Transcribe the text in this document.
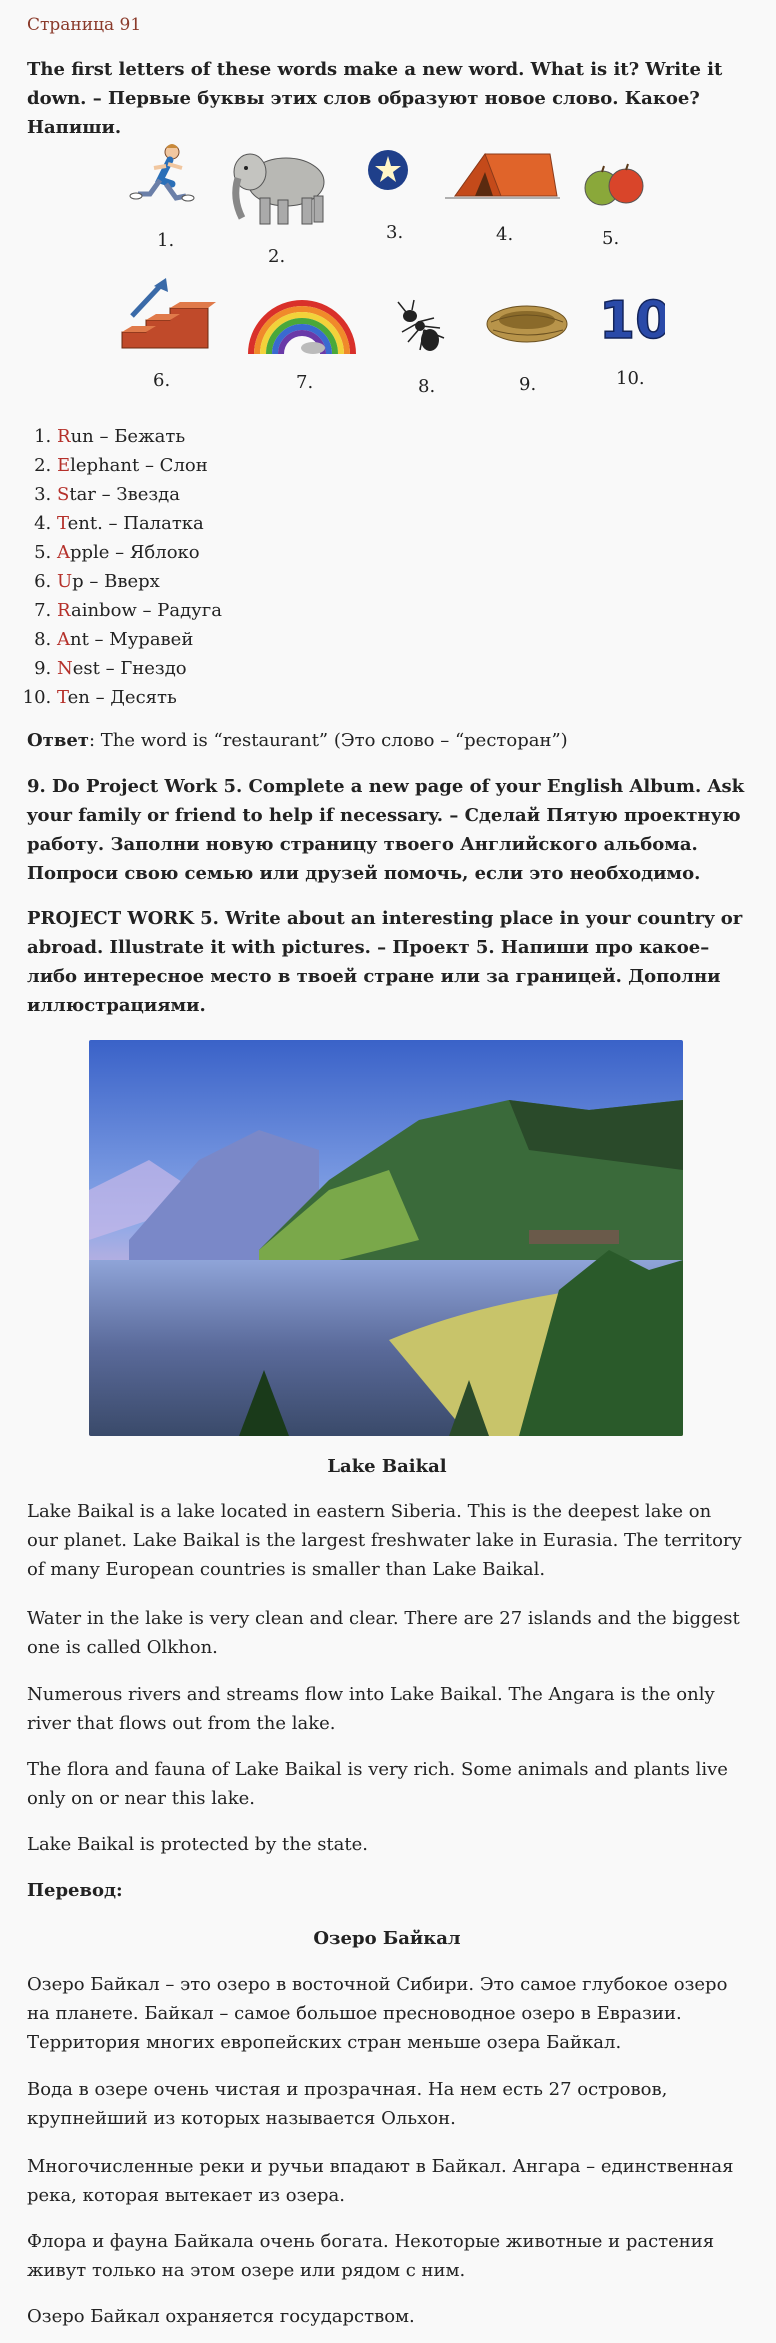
Страница 91
The first letters of these words make a new word. What is it? Write it down. – Первые буквы этих слов образуют новое слово. Какое? Напиши.
1.
2.
3.	4.	5.
6.	7.	8.	9.
10
10.
1. Run – Бежать
2. Elephant – Слон
3. Star – Звезда
4. Tent. – Палатка
5. Apple – Яблоко
6. Up – Вверх
7. Rainbow – Радуга
8. Ant – Муравей
9. Nest – Гнездо
10. Ten – Десять
Ответ: The word is “restaurant” (Это слово – “ресторан”)
9. Do Project Work 5. Complete a new page of your English Album. Ask your family or friend to help if necessary. – Сделай Пятую проектную работу. Заполни новую страницу твоего Английского альбома. Попроси свою семью или друзей помочь, если это необходимо.
PROJECT WORK 5. Write about an interesting place in your country or abroad. Illustrate it with pictures. – Проект 5. Напиши про какое–либо интересное место в твоей стране или за границей. Дополни иллюстрациями.
Lake Baikal
Lake Baikal is a lake located in eastern Siberia. This is the deepest lake on our planet. Lake Baikal is the largest freshwater lake in Eurasia. The territory of many European countries is smaller than Lake Baikal.
Water in the lake is very clean and clear. There are 27 islands and the biggest one is called Olkhon.
Numerous rivers and streams flow into Lake Baikal. The Angara is the only river that flows out from the lake.
The flora and fauna of Lake Baikal is very rich. Some animals and plants live only on or near this lake.
Lake Baikal is protected by the state.
Перевод:
Озеро Байкал
Озеро Байкал – это озеро в восточной Сибири. Это самое глубокое озеро на планете. Байкал – самое большое пресноводное озеро в Евразии. Территория многих европейских стран меньше озера Байкал.
Вода в озере очень чистая и прозрачная. На нем есть 27 островов, крупнейший из которых называется Ольхон.
Многочисленные реки и ручьи впадают в Байкал. Ангара – единственная река, которая вытекает из озера.
Флора и фауна Байкала очень богата. Некоторые животные и растения живут только на этом озере или рядом с ним.
Озеро Байкал охраняется государством.
